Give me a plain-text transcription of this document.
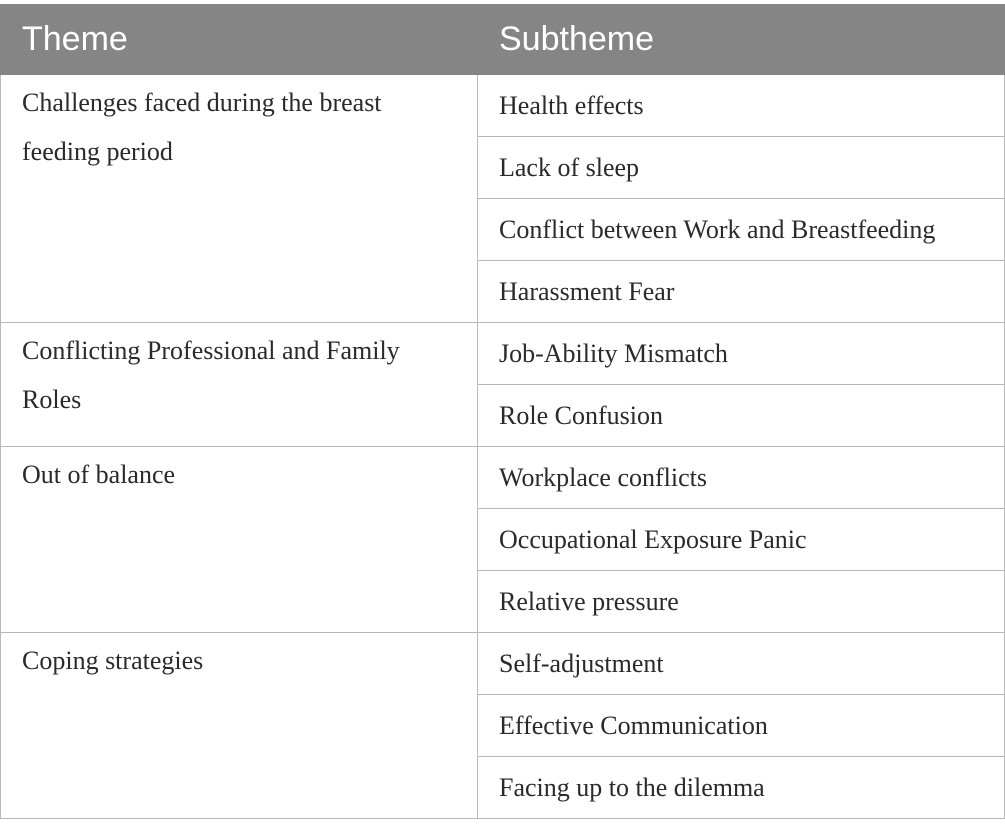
Theme	Subtheme

Challenges faced during the breast feeding period	Health effects
	Lack of sleep
	Conflict between Work and Breastfeeding
	Harassment Fear

Conflicting Professional and Family Roles	Job-Ability Mismatch
	Role Confusion

Out of balance	Workplace conflicts
	Occupational Exposure Panic
	Relative pressure

Coping strategies	Self-adjustment
	Effective Communication
	Facing up to the dilemma
